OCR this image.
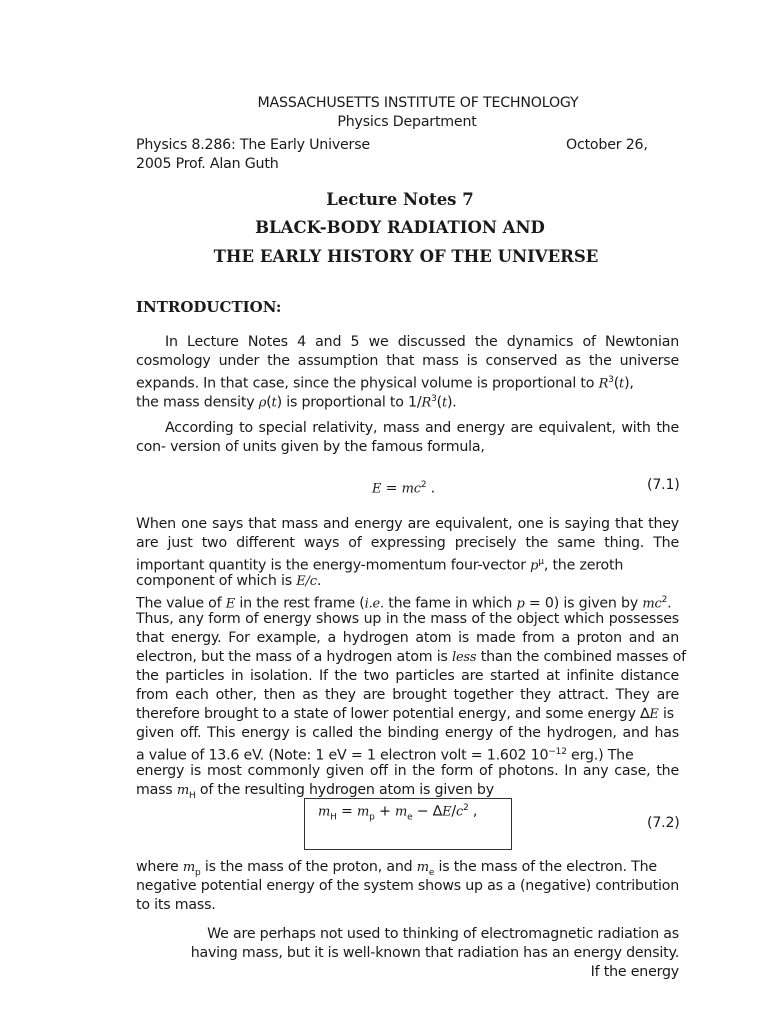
MASSACHUSETTS INSTITUTE OF TECHNOLOGY
Physics Department
Physics 8.286: The Early Universe	October 26,
2005 Prof. Alan Guth
Lecture Notes 7
BLACK-BODY RADIATION AND
THE EARLY HISTORY OF THE UNIVERSE
INTRODUCTION:
In Lecture Notes 4 and 5 we discussed the dynamics of Newtonian
cosmology under the assumption that mass is conserved as the universe
expands. In that case, since the physical volume is proportional to $R^3(t)$,
the mass density ρ(t) is proportional to $1/R^3(t)$.
According to special relativity, mass and energy are equivalent, with the
con- version of units given by the famous formula,
$E = mc^2$ .	(7.1)
When one says that mass and energy are equivalent, one is saying that they
are just two different ways of expressing precisely the same thing. The
important quantity is the energy-momentum four-vector $p^\mu$, the zeroth
component of which is E/c.
The value of E in the rest frame (i.e. the fame in which p = 0) is given by $mc^2$.
Thus, any form of energy shows up in the mass of the object which possesses
that energy. For example, a hydrogen atom is made from a proton and an
electron, but the mass of a hydrogen atom is less than the combined masses of
the particles in isolation. If the two particles are started at infinite distance
from each other, then as they are brought together they attract. They are
therefore brought to a state of lower potential energy, and some energy ∆E is
given off. This energy is called the binding energy of the hydrogen, and has
a value of 13.6 eV. (Note: 1 eV = 1 electron volt = 1.602 $10^{-12}$ erg.) The
energy is most commonly given off in the form of photons. In any case, the
mass $m_H$ of the resulting hydrogen atom is given by
$m_H = m_p + m_e - \Delta E/c^2$ ,
(7.2)
where $m_p$ is the mass of the proton, and $m_e$ is the mass of the electron. The
negative potential energy of the system shows up as a (negative) contribution
to its mass.
We are perhaps not used to thinking of electromagnetic radiation as
having mass, but it is well-known that radiation has an energy density.
If the energy
